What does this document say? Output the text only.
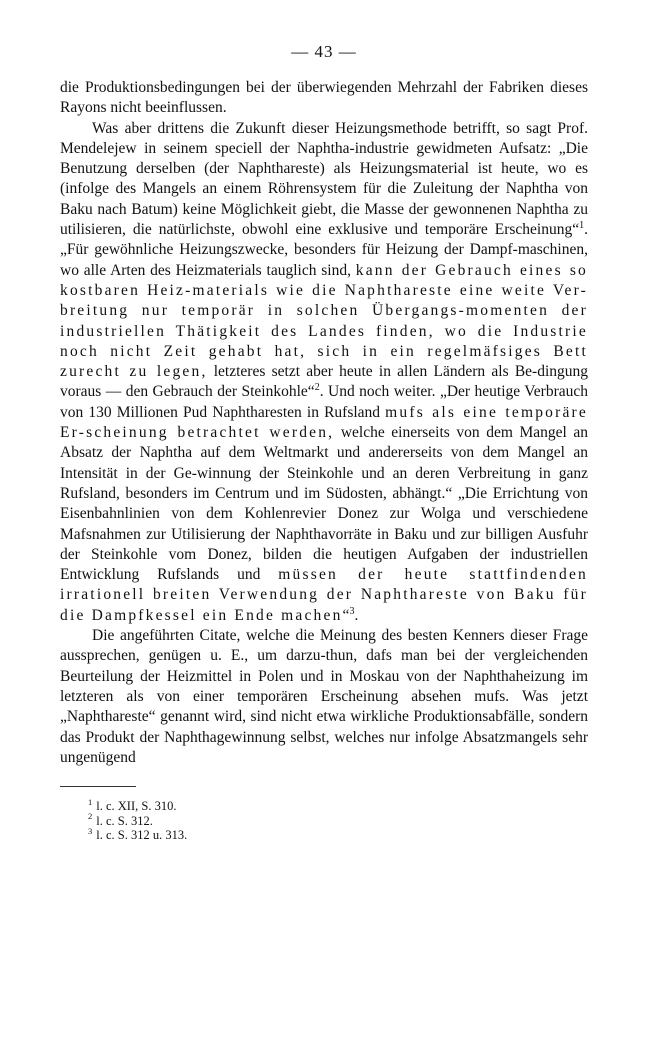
— 43 —

die Produktionsbedingungen bei der überwiegenden Mehrzahl der Fabriken dieses Rayons nicht beeinflussen.

Was aber drittens die Zukunft dieser Heizungsmethode betrifft, so sagt Prof. Mendelejew in seinem speciell der Naphtha-industrie gewidmeten Aufsatz: „Die Benutzung derselben (der Naphthareste) als Heizungsmaterial ist heute, wo es (infolge des Mangels an einem Röhrensystem für die Zuleitung der Naphtha von Baku nach Batum) keine Möglichkeit giebt, die Masse der gewonnenen Naphtha zu utilisieren, die natürlichste, obwohl eine exklusive und temporäre Erscheinung“$^1$. „Für gewöhnliche Heizungszwecke, besonders für Heizung der Dampf-maschinen, wo alle Arten des Heizmaterials tauglich sind, kann der Gebrauch eines so kostbaren Heiz-materials wie die Naphthareste eine weite Ver-breitung nur temporär in solchen Übergangs-momenten der industriellen Thätigkeit des Landes finden, wo die Industrie noch nicht Zeit gehabt hat, sich in ein regelmäfsiges Bett zurecht zu legen, letzteres setzt aber heute in allen Ländern als Be-dingung voraus — den Gebrauch der Steinkohle“$^2$. Und noch weiter. „Der heutige Verbrauch von 130 Millionen Pud Naphtharesten in Rufsland mufs als eine temporäre Er-scheinung betrachtet werden, welche einerseits von dem Mangel an Absatz der Naphtha auf dem Weltmarkt und andererseits von dem Mangel an Intensität in der Ge-winnung der Steinkohle und an deren Verbreitung in ganz Rufsland, besonders im Centrum und im Südosten, abhängt.“ „Die Errichtung von Eisenbahnlinien von dem Kohlenrevier Donez zur Wolga und verschiedene Mafsnahmen zur Utilisierung der Naphthavorräte in Baku und zur billigen Ausfuhr der Steinkohle vom Donez, bilden die heutigen Aufgaben der industriellen Entwicklung Rufslands und müssen der heute stattfindenden irrationell breiten Verwendung der Naphthareste von Baku für die Dampfkessel ein Ende machen“$^3$.

Die angeführten Citate, welche die Meinung des besten Kenners dieser Frage aussprechen, genügen u. E., um darzu-thun, dafs man bei der vergleichenden Beurteilung der Heizmittel in Polen und in Moskau von der Naphthaheizung im letzteren als von einer temporären Erscheinung absehen mufs. Was jetzt „Naphthareste“ genannt wird, sind nicht etwa wirkliche Produktionsabfälle, sondern das Produkt der Naphthagewinnung selbst, welches nur infolge Absatzmangels sehr ungenügend

$^1$ l. c. XII, S. 310.
$^2$ l. c. S. 312.
$^3$ l. c. S. 312 u. 313.
